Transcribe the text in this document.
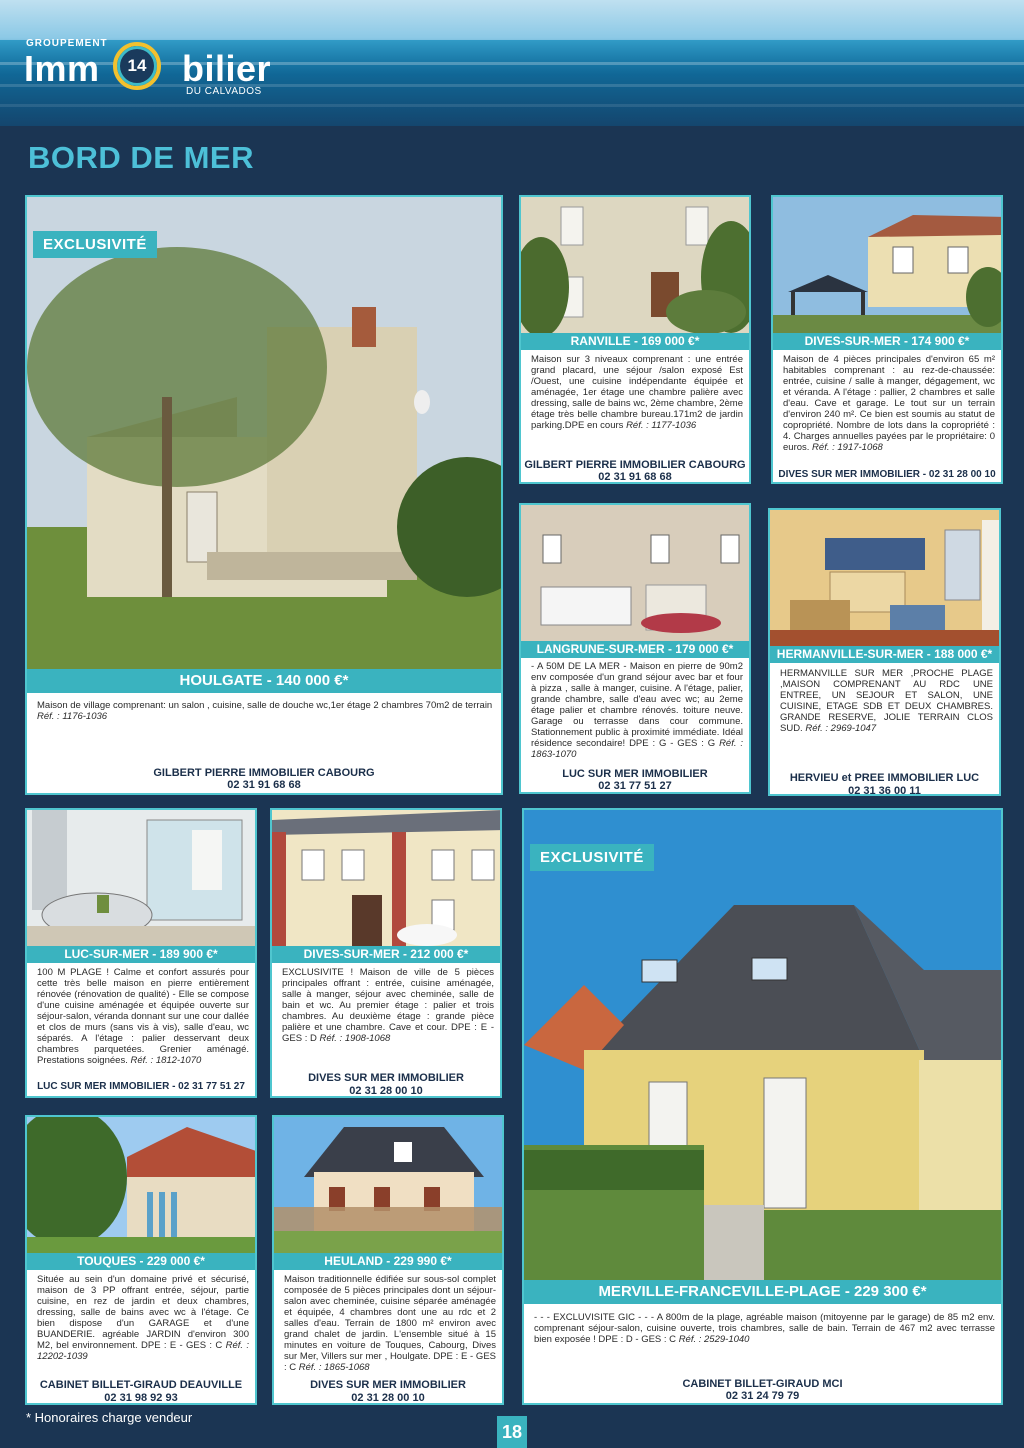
GROUPEMENT
Imm bilier
14
DU CALVADOS
BORD DE MER
EXCLUSIVITÉ
HOULGATE - 140 000 €*
Maison de village comprenant: un salon , cuisine, salle de douche wc,1er étage 2 chambres 70m2 de terrain
Réf. : 1176-1036
GILBERT PIERRE IMMOBILIER CABOURG
02 31 91 68 68
RANVILLE - 169 000 €*
Maison sur 3 niveaux comprenant : une entrée grand placard, une séjour /salon exposé Est /Ouest, une cuisine indépendante équipée et aménagée, 1er étage une chambre palière avec dressing, salle de bains wc, 2ème chambre, 2ème étage très belle chambre bureau.171m2 de jardin parking.DPE en cours Réf. : 1177-1036
GILBERT PIERRE IMMOBILIER CABOURG
02 31 91 68 68
DIVES-SUR-MER - 174 900 €*
Maison de 4 pièces principales d'environ 65 m² habitables comprenant : au rez-de-chaussée: entrée, cuisine / salle à manger, dégagement, wc et véranda. A l'étage : pallier, 2 chambres et salle d'eau. Cave et garage. Le tout sur un terrain d'environ 240 m². Ce bien est soumis au statut de copropriété. Nombre de lots dans la copropriété : 4. Charges annuelles payées par le propriétaire: 0 euros. Réf. : 1917-1068
DIVES SUR MER IMMOBILIER - 02 31 28 00 10
LANGRUNE-SUR-MER - 179 000 €*
- A 50M DE LA MER - Maison en pierre de 90m2 env composée d'un grand séjour avec bar et four à pizza , salle à manger, cuisine. A l'étage, palier, grande chambre, salle d'eau avec wc; au 2eme étage palier et chambre rénovés. toiture neuve. Garage ou terrasse dans cour commune. Stationnement public à proximité immédiate. Idéal résidence secondaire! DPE : G - GES : G Réf. : 1863-1070
LUC SUR MER IMMOBILIER
02 31 77 51 27
HERMANVILLE-SUR-MER - 188 000 €*
HERMANVILLE SUR MER ,PROCHE PLAGE ,MAISON COMPRENANT AU RDC UNE ENTREE, UN SEJOUR ET SALON, UNE CUISINE, ETAGE SDB ET DEUX CHAMBRES. GRANDE RESERVE, JOLIE TERRAIN CLOS SUD. Réf. : 2969-1047
HERVIEU et PREE IMMOBILIER LUC
02 31 36 00 11
LUC-SUR-MER - 189 900 €*
100 M PLAGE ! Calme et confort assurés pour cette très belle maison en pierre entièrement rénovée (rénovation de qualité) - Elle se compose d'une cuisine aménagée et équipée ouverte sur séjour-salon, véranda donnant sur une cour dallée et clos de murs (sans vis à vis), salle d'eau, wc séparés. A l'étage : palier desservant deux chambres parquetées. Grenier aménagé. Prestations soignées. Réf. : 1812-1070
LUC SUR MER IMMOBILIER - 02 31 77 51 27
DIVES-SUR-MER - 212 000 €*
EXCLUSIVITE ! Maison de ville de 5 pièces principales offrant : entrée, cuisine aménagée, salle à manger, séjour avec cheminée, salle de bain et wc. Au premier étage : palier et trois chambres. Au deuxième étage : grande pièce palière et une chambre. Cave et cour. DPE : E - GES : D Réf. : 1908-1068
DIVES SUR MER IMMOBILIER
02 31 28 00 10
EXCLUSIVITÉ
MERVILLE-FRANCEVILLE-PLAGE - 229 300 €*
- - - EXCLUVISITE GIC - - - A 800m de la plage, agréable maison (mitoyenne par le garage) de 85 m2 env. comprenant séjour-salon, cuisine ouverte, trois chambres, salle de bain. Terrain de 467 m2 avec terrasse bien exposée ! DPE : D - GES : C Réf. : 2529-1040
CABINET BILLET-GIRAUD MCI
02 31 24 79 79
TOUQUES - 229 000 €*
Située au sein d'un domaine privé et sécurisé, maison de 3 PP offrant entrée, séjour, partie cuisine, en rez de jardin et deux chambres, dressing, salle de bains avec wc à l'étage. Ce bien dispose d'un GARAGE et d'une BUANDERIE. agréable JARDIN d'environ 300 M2, bel environnement. DPE : E - GES : C Réf. : 12202-1039
CABINET BILLET-GIRAUD DEAUVILLE
02 31 98 92 93
HEULAND - 229 990 €*
Maison traditionnelle édifiée sur sous-sol complet composée de 5 pièces principales dont un séjour-salon avec cheminée, cuisine séparée aménagée et équipée, 4 chambres dont une au rdc et 2 salles d'eau. Terrain de 1800 m² environ avec grand chalet de jardin. L'ensemble situé à 15 minutes en voiture de Touques, Cabourg, Dives sur Mer, Villers sur mer , Houlgate. DPE : E - GES : C Réf. : 1865-1068
DIVES SUR MER IMMOBILIER
02 31 28 00 10
* Honoraires charge vendeur
18
